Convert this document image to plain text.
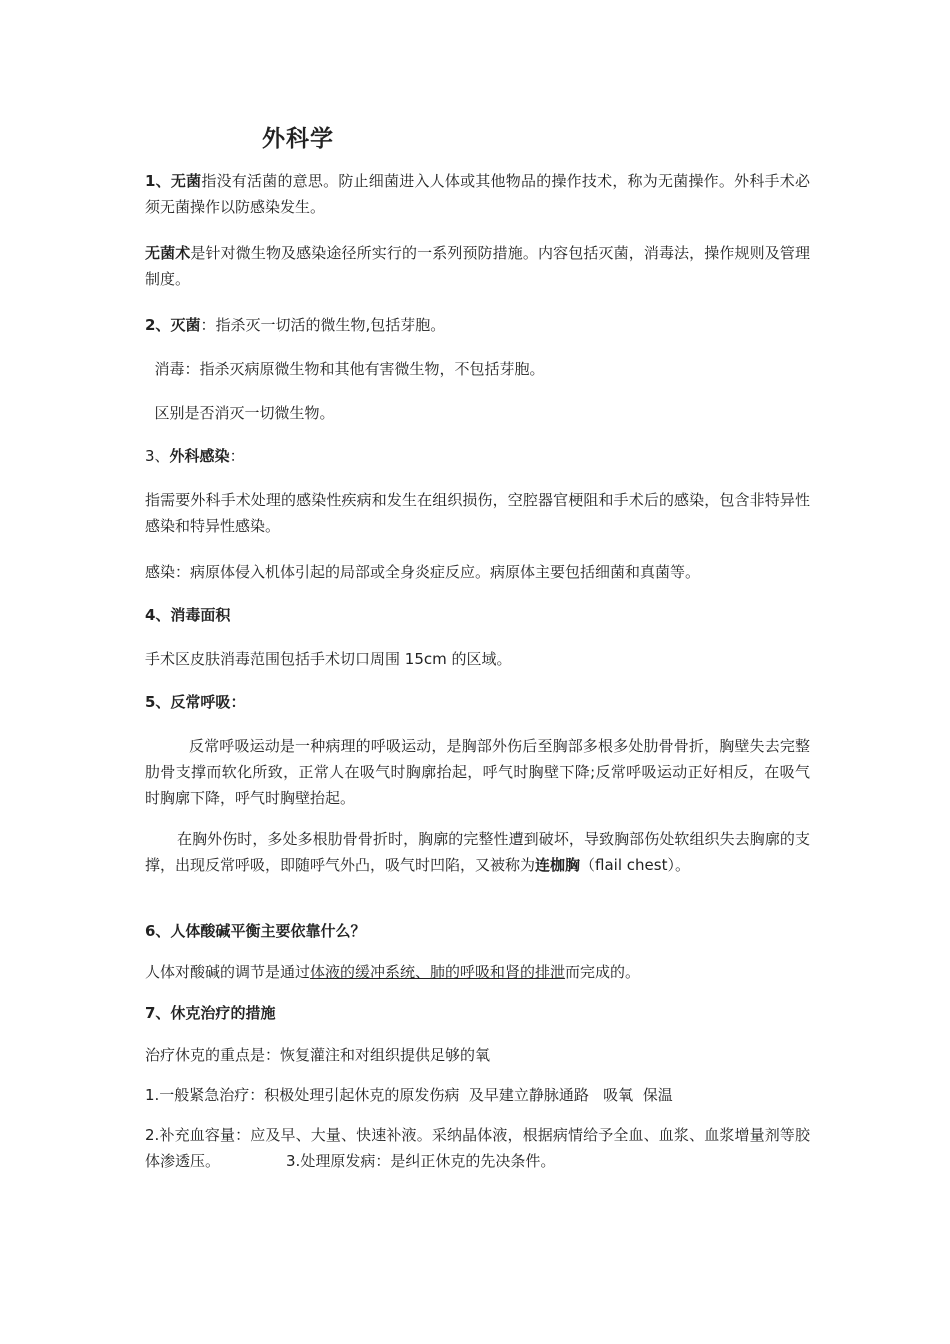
外科学

1、无菌指没有活菌的意思。防止细菌进入人体或其他物品的操作技术，称为无菌操作。外科手术必须无菌操作以防感染发生。

无菌术是针对微生物及感染途径所实行的一系列预防措施。内容包括灭菌，消毒法，操作规则及管理制度。

2、灭菌：指杀灭一切活的微生物,包括芽胞。

消毒：指杀灭病原微生物和其他有害微生物，不包括芽胞。

区别是否消灭一切微生物。

3、外科感染：

指需要外科手术处理的感染性疾病和发生在组织损伤，空腔器官梗阻和手术后的感染，包含非特异性感染和特异性感染。

感染：病原体侵入机体引起的局部或全身炎症反应。病原体主要包括细菌和真菌等。

4、消毒面积

手术区皮肤消毒范围包括手术切口周围 15cm 的区域。

5、反常呼吸：

反常呼吸运动是一种病理的呼吸运动，是胸部外伤后至胸部多根多处肋骨骨折，胸壁失去完整肋骨支撑而软化所致，正常人在吸气时胸廓抬起，呼气时胸壁下降;反常呼吸运动正好相反，在吸气时胸廓下降，呼气时胸壁抬起。

在胸外伤时，多处多根肋骨骨折时，胸廓的完整性遭到破坏，导致胸部伤处软组织失去胸廓的支撑，出现反常呼吸，即随呼气外凸，吸气时凹陷，又被称为连枷胸（flail chest）。

6、人体酸碱平衡主要依靠什么？

人体对酸碱的调节是通过体液的缓冲系统、肺的呼吸和肾的排泄而完成的。

7、休克治疗的措施

治疗休克的重点是：恢复灌注和对组织提供足够的氧

1.一般紧急治疗：积极处理引起休克的原发伤病  及早建立静脉通路   吸氧  保温

2.补充血容量：应及早、大量、快速补液。采纳晶体液，根据病情给予全血、血浆、血浆增量剂等胶体渗透压。	3.处理原发病：是纠正休克的先决条件。
